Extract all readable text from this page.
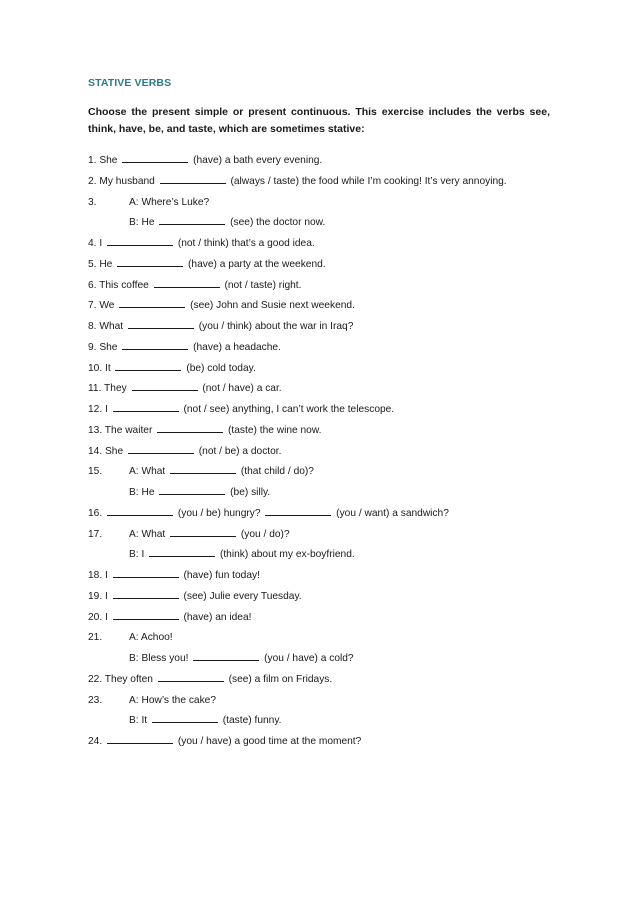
STATIVE VERBS
Choose the present simple or present continuous. This exercise includes the verbs see, think, have, be, and taste, which are sometimes stative:
1. She	(have) a bath every evening.
2. My husband	(always / taste) the food while I’m cooking! It’s very annoying.
3.	A: Where’s Luke?
B: He	(see) the doctor now.
4. I	(not / think) that’s a good idea.
5. He	(have) a party at the weekend.
6. This coffee	(not / taste) right.
7. We	(see) John and Susie next weekend.
8. What	(you / think) about the war in Iraq?
9. She	(have) a headache.
10. It	(be) cold today.
11. They	(not / have) a car.
12. I	(not / see) anything, I can’t work the telescope.
13. The waiter	(taste) the wine now.
14. She	(not / be) a doctor.
15.	A: What	(that child / do)?
B: He	(be) silly.
16.	(you / be) hungry?	(you / want) a sandwich?
17.	A: What	(you / do)?
B: I	(think) about my ex-boyfriend.
18. I	(have) fun today!
19. I	(see) Julie every Tuesday.
20. I	(have) an idea!
21.	A: Achoo!
B: Bless you!	(you / have) a cold?
22. They often	(see) a film on Fridays.
23.	A: How’s the cake?
B: It	(taste) funny.
24.	(you / have) a good time at the moment?
